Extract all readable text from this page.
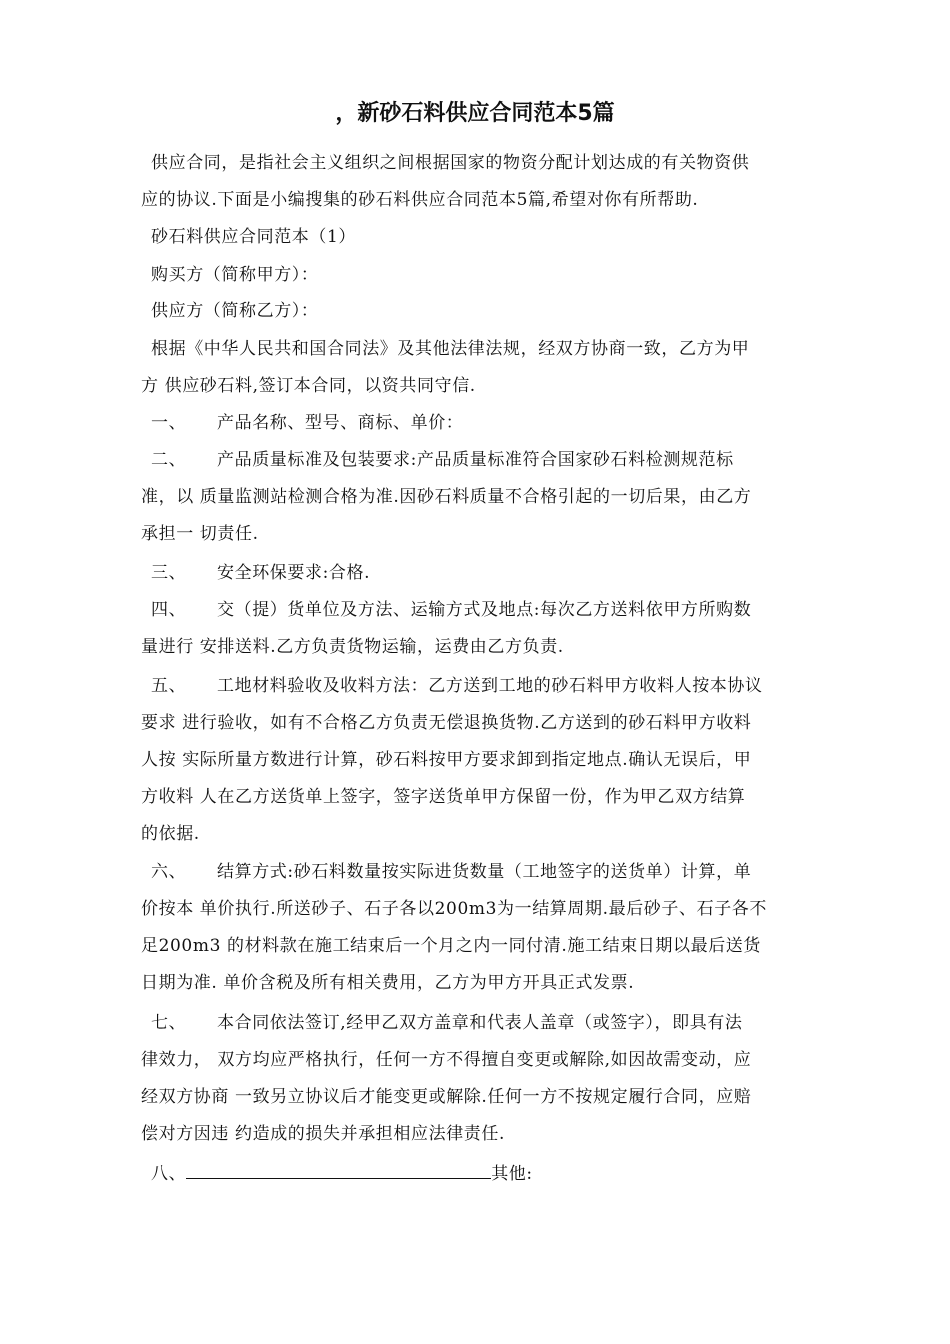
，新砂石料供应合同范本5篇
供应合同，是指社会主义组织之间根据国家的物资分配计划达成的有关物资供
应的协议.下面是小编搜集的砂石料供应合同范本5篇,希望对你有所帮助.
砂石料供应合同范本（1）
购买方（简称甲方）：
供应方（简称乙方）：
根据《中华人民共和国合同法》及其他法律法规，经双方协商一致，乙方为甲
方 供应砂石料,签订本合同，以资共同守信.
一、 产品名称、型号、商标、单价：
二、 产品质量标准及包装要求:产品质量标准符合国家砂石料检测规范标
准，以 质量监测站检测合格为准.因砂石料质量不合格引起的一切后果，由乙方
承担一 切责任.
三、 安全环保要求:合格.
四、 交（提）货单位及方法、运输方式及地点:每次乙方送料依甲方所购数
量进行 安排送料.乙方负责货物运输，运费由乙方负责.
五、 工地材料验收及收料方法：乙方送到工地的砂石料甲方收料人按本协议
要求 进行验收，如有不合格乙方负责无偿退换货物.乙方送到的砂石料甲方收料
人按 实际所量方数进行计算，砂石料按甲方要求卸到指定地点.确认无误后，甲
方收料 人在乙方送货单上签字，签字送货单甲方保留一份，作为甲乙双方结算
的依据.
六、 结算方式:砂石料数量按实际进货数量（工地签字的送货单）计算，单
价按本 单价执行.所送砂子、石子各以200m3为一结算周期.最后砂子、石子各不
足200m3 的材料款在施工结束后一个月之内一同付清.施工结束日期以最后送货
日期为准. 单价含税及所有相关费用，乙方为甲方开具正式发票.
七、 本合同依法签订,经甲乙双方盖章和代表人盖章（或签字），即具有法
律效力， 双方均应严格执行，任何一方不得擅自变更或解除,如因故需变动，应
经双方协商 一致另立协议后才能变更或解除.任何一方不按规定履行合同，应赔
偿对方因违 约造成的损失并承担相应法律责任.
八、	其他:
